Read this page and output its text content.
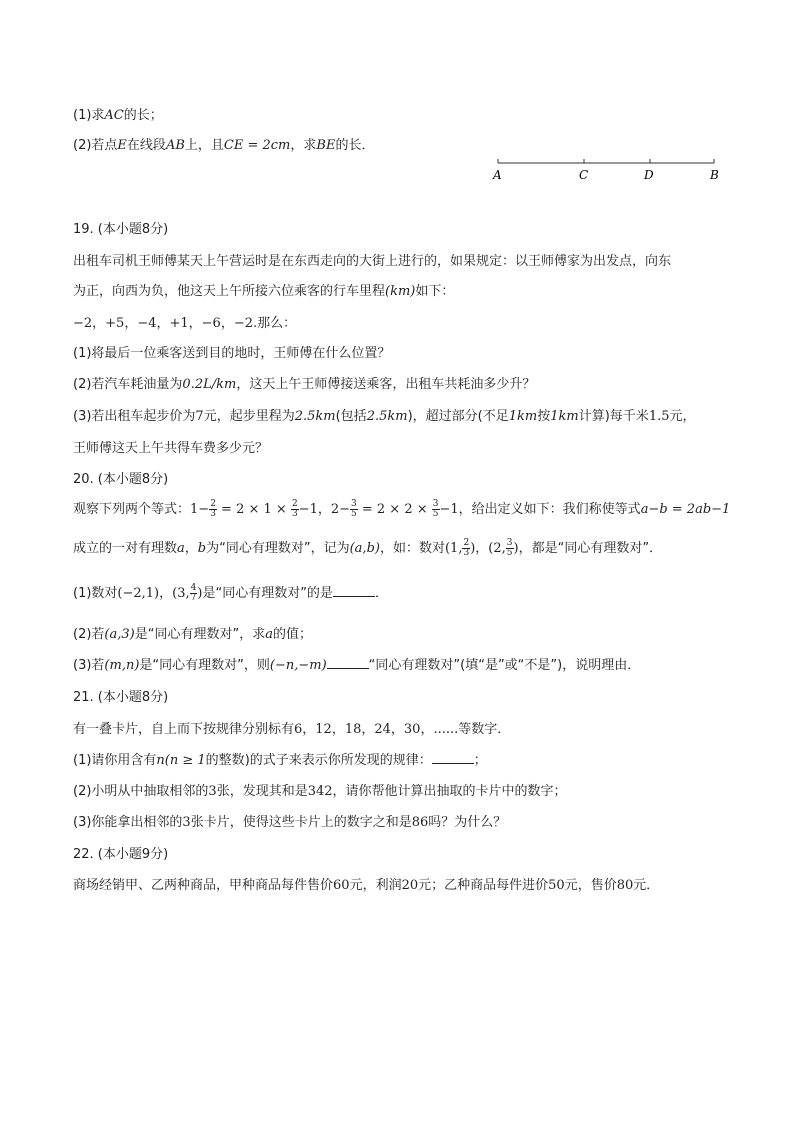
(1)求AC的长；
(2)若点E在线段AB上，且CE = 2cm，求BE的长．
A	C	D	B
19. (本小题8分)
出租车司机王师傅某天上午营运时是在东西走向的大街上进行的，如果规定：以王师傅家为出发点，向东
为正，向西为负，他这天上午所接六位乘客的行车里程(km)如下：
−2，+5，−4，+1，−6，−2.那么：
(1)将最后一位乘客送到目的地时，王师傅在什么位置？
(2)若汽车耗油量为0.2L/km，这天上午王师傅接送乘客，出租车共耗油多少升？
(3)若出租车起步价为7元，起步里程为2.5km(包括2.5km)，超过部分(不足1km按1km计算)每千米1.5元，
王师傅这天上午共得车费多少元？
20. (本小题8分)
观察下列两个等式：$1- \frac{2}{3} = 2 \times 1 \times \frac{2}{3} -1$，$2- \frac{3}{5} = 2 \times 2 \times \frac{3}{5} -1$，给出定义如下：我们称使等式a−b = 2ab−1
成立的一对有理数a，b为“同心有理数对”，记为(a,b)，如：数对(1, $\frac{2}{3}$ )，(2, $\frac{3}{5}$ )，都是“同心有理数对”．
(1)数对(−2,1)，(3, $\frac{4}{7}$ )是“同心有理数对”的是	．
(2)若(a,3)是“同心有理数对”，求a的值；
(3)若(m,n)是“同心有理数对”，则(−n,−m)	“同心有理数对”(填“是”或“不是”)，说明理由．
21. (本小题8分)
有一叠卡片，自上而下按规律分别标有6，12，18，24，30，......等数字．
(1)请你用含有n(n ≥ 1的整数)的式子来表示你所发现的规律：	；
(2)小明从中抽取相邻的3张，发现其和是342，请你帮他计算出抽取的卡片中的数字；
(3)你能拿出相邻的3张卡片，使得这些卡片上的数字之和是86吗？为什么？
22. (本小题9分)
商场经销甲、乙两种商品，甲种商品每件售价60元，利润20元；乙种商品每件进价50元，售价80元．
